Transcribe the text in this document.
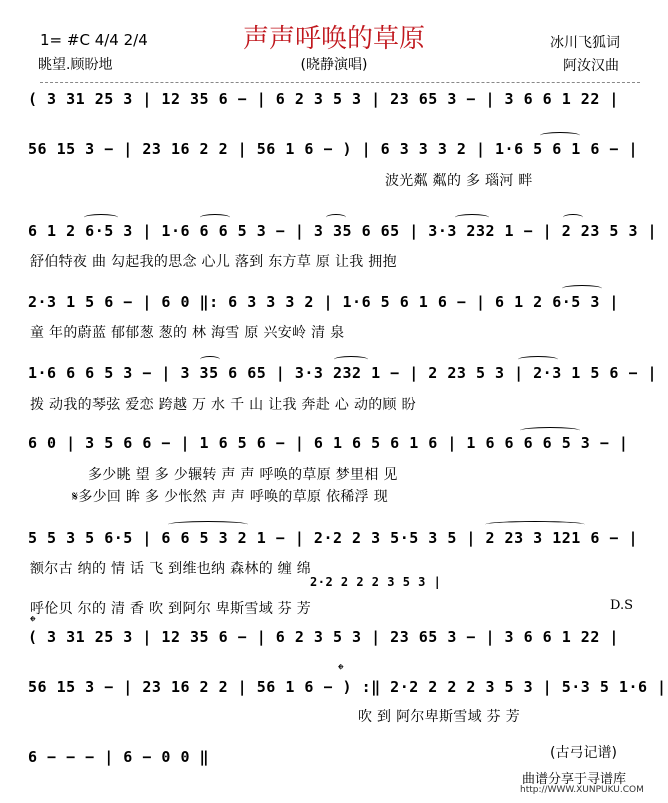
声声呼唤的草原
1= #C 4/4 2/4
眺望.顾盼地	(晓静演唱)
冰川飞狐词
阿汝汉曲
( 3 31 25 3 | 12 35 6 − | 6 2 3 5 3 | 23 65 3 − | 3 6 6 1 22 |
56 15 3 − | 23 16 2 2 | 56 1 6 − ) | 6 3 3 3 2 | 1·6 5 6 1 6 − |
波光粼 粼的 多 瑙河 畔
6 1 2 6·5 3 | 1·6 6 6 5 3 − | 3 35 6 65 | 3·3 232 1 − | 2 23 5 3 |
舒伯特夜 曲 勾起我的思念 心儿 落到 东方草 原 让我 拥抱
2·3 1 5 6 − | 6 0 ‖: 6 3 3 3 2 | 1·6 5 6 1 6 − | 6 1 2 6·5 3 |
童 年的蔚蓝 郁郁葱 葱的 林 海雪 原 兴安岭 清 泉
1·6 6 6 5 3 − | 3 35 6 65 | 3·3 232 1 − | 2 23 5 3 | 2·3 1 5 6 − |
拨 动我的琴弦 爱恋 跨越 万 水 千 山 让我 奔赴 心 动的顾 盼
6 0 | 3 5 6 6 − | 1 6 5 6 − | 6 1 6 5 6 1 6 | 1 6 6 6 6 5 3 − |
多少眺 望 多 少辗转 声 声 呼唤的草原 梦里相 见
𝄋多少回 眸 多 少怅然 声 声 呼唤的草原 依稀浮 现
5 5 3 5 6·5 | 6 6 5 3 2 1 − | 2·2 2 3 5·5 3 5 | 2 23 3 121 6 − |
额尔古 纳的 情 话 飞 到维也纳 森林的 缠 绵
2·2 2 2 2 3 5 3 |
呼伦贝 尔的 清 香 吹 到阿尔 卑斯雪域 芬 芳	D.S
𝄌
( 3 31 25 3 | 12 35 6 − | 6 2 3 5 3 | 23 65 3 − | 3 6 6 1 22 |
𝄌
56 15 3 − | 23 16 2 2 | 56 1 6 − ) :‖ 2·2 2 2 2 3 5 3 | 5·3 5 1·6 |
吹 到 阿尔卑斯雪域 芬 芳
6 − − − | 6 − 0 0 ‖	(古弓记谱)
曲谱分享于寻谱库
http://WWW.XUNPUKU.COM
